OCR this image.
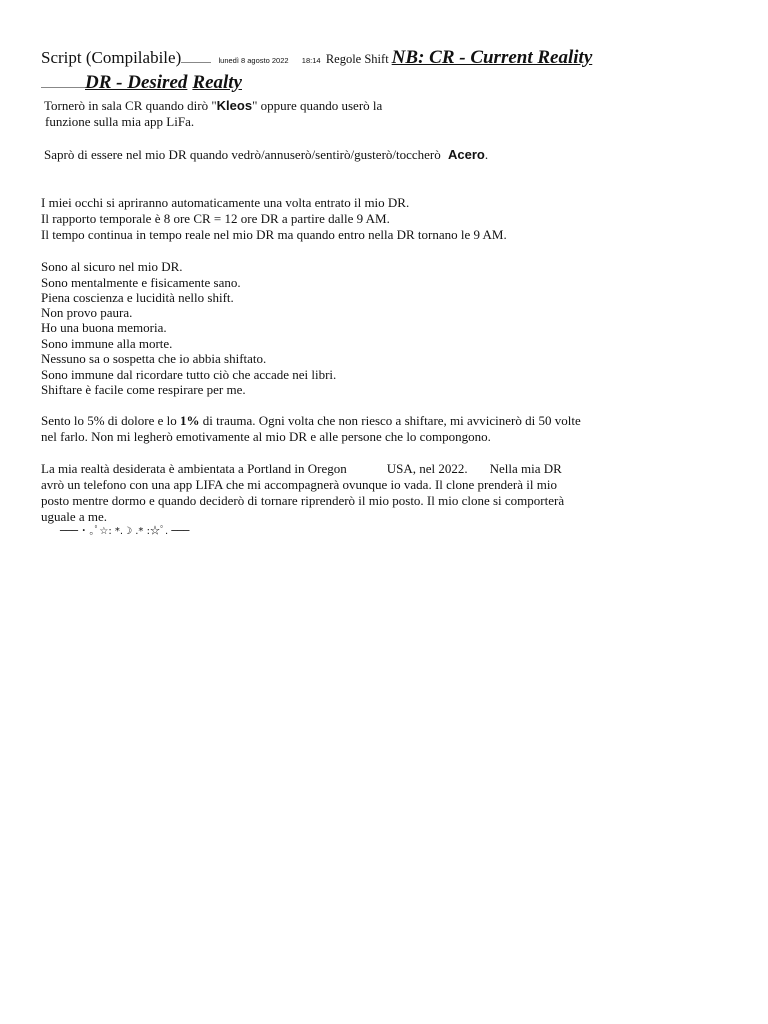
Script (Compilabile)	lunedì 8 agosto 2022 18:14 Regole Shift NB: CR - Current Reality
DR - Desired Realty
Tornerò in sala CR quando dirò "Kleos" oppure quando userò la
funzione sulla mia app LiFa.
Saprò di essere nel mio DR quando vedrò/annuserò/sentirò/gusterò/toccherò Acero.
I miei occhi si apriranno automaticamente una volta entrato il mio DR.
Il rapporto temporale è 8 ore CR = 12 ore DR a partire dalle 9 AM.
Il tempo continua in tempo reale nel mio DR ma quando entro nella DR tornano le 9 AM.
Sono al sicuro nel mio DR.
Sono mentalmente e fisicamente sano.
Piena coscienza e lucidità nello shift.
Non provo paura.
Ho una buona memoria.
Sono immune alla morte.
Nessuno sa o sospetta che io abbia shiftato.
Sono immune dal ricordare tutto ciò che accade nei libri.
Shiftare è facile come respirare per me.
Sento lo 5% di dolore e lo 1% di trauma. Ogni volta che non riesco a shiftare, mi avvicinerò di 50 volte
nel farlo. Non mi legherò emotivamente al mio DR e alle persone che lo compongono.
La mia realtà desiderata è ambientata a Portland in Oregon	USA, nel 2022. Nella mia DR
avrò un telefono con una app LIFA che mi accompagnerà ovunque io vada. Il clone prenderà il mio
posto mentre dormo e quando deciderò di tornare riprenderò il mio posto. Il mio clone si comporterà
uguale a me.
─── ･ ｡ﾟ☆: *.☽ .* :☆ﾟ. ───
